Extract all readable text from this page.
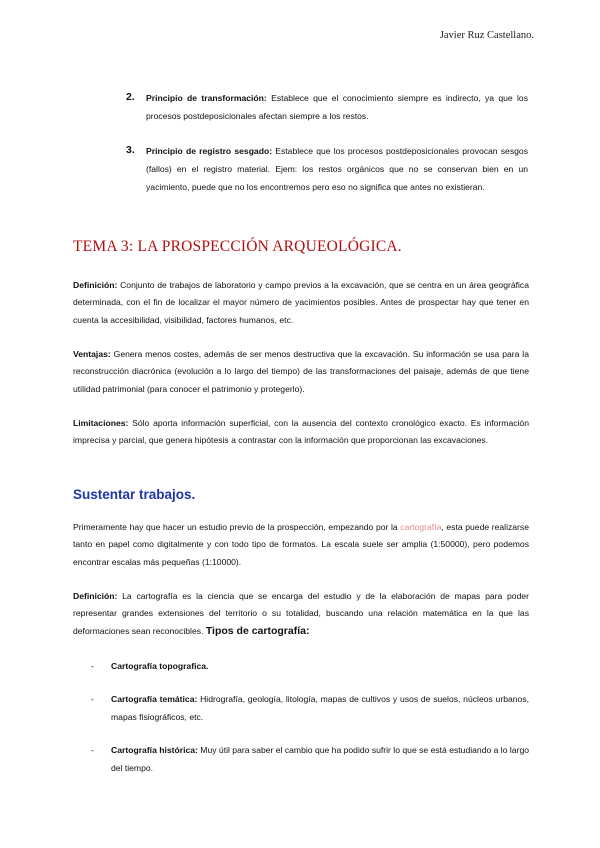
Javier Ruz Castellano.
2. Principio de transformación: Establece que el conocimiento siempre es indirecto, ya que los procesos postdeposicionales afectan siempre a los restos.
3. Principio de registro sesgado: Establece que los procesos postdeposicionales provocan sesgos (fallos) en el registro material. Ejem: los restos orgánicos que no se conservan bien en un yacimiento, puede que no los encontremos pero eso no significa que antes no existieran.
TEMA 3: LA PROSPECCIÓN ARQUEOLÓGICA.
Definición: Conjunto de trabajos de laboratorio y campo previos a la excavación, que se centra en un área geográfica determinada, con el fin de localizar el mayor número de yacimientos posibles. Antes de prospectar hay que tener en cuenta la accesibilidad, visibilidad, factores humanos, etc.
Ventajas: Genera menos costes, además de ser menos destructiva que la excavación. Su información se usa para la reconstrucción diacrónica (evolución a lo largo del tiempo) de las transformaciones del paisaje, además de que tiene utilidad patrimonial (para conocer el patrimonio y protegerlo).
Limitaciones: Sólo aporta información superficial, con la ausencia del contexto cronológico exacto. Es información imprecisa y parcial, que genera hipótesis a contrastar con la información que proporcionan las excavaciones.
Sustentar trabajos.
Primeramente hay que hacer un estudio previo de la prospección, empezando por la cartografía, esta puede realizarse tanto en papel como digitalmente y con todo tipo de formatos. La escala suele ser amplia (1:50000), pero podemos encontrar escalas más pequeñas (1:10000).
Definición: La cartografía es la ciencia que se encarga del estudio y de la elaboración de mapas para poder representar grandes extensiones del territorio o su totalidad, buscando una relación matemática en la que las deformaciones sean reconocibles. Tipos de cartografía:
- Cartografía topografica.
- Cartografía temática: Hidrografía, geología, litología, mapas de cultivos y usos de suelos, núcleos urbanos, mapas fisiográficos, etc.
- Cartografía histórica: Muy útil para saber el cambio que ha podido sufrir lo que se está estudiando a lo largo del tiempo.
